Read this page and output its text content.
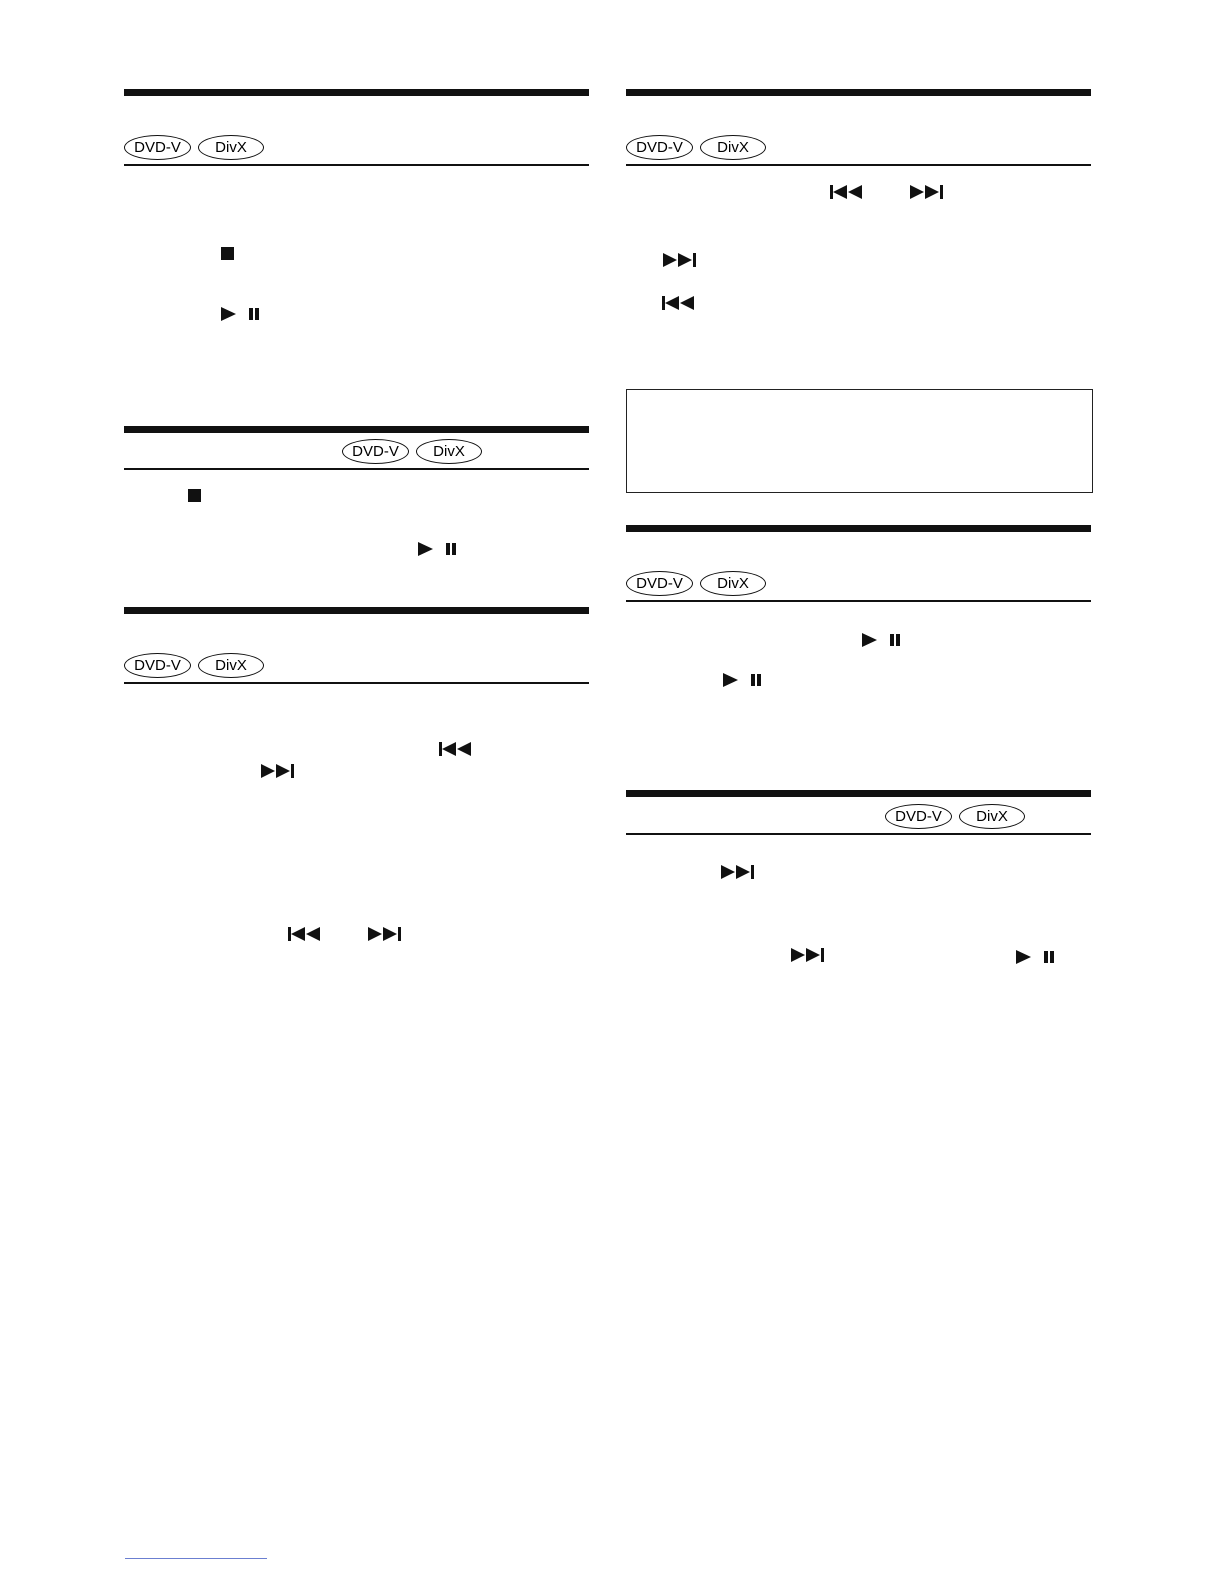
DVD-V	DivX
DVD-V	DivX
DVD-V	DivX
DVD-V	DivX
DVD-V	DivX
DVD-V	DivX
